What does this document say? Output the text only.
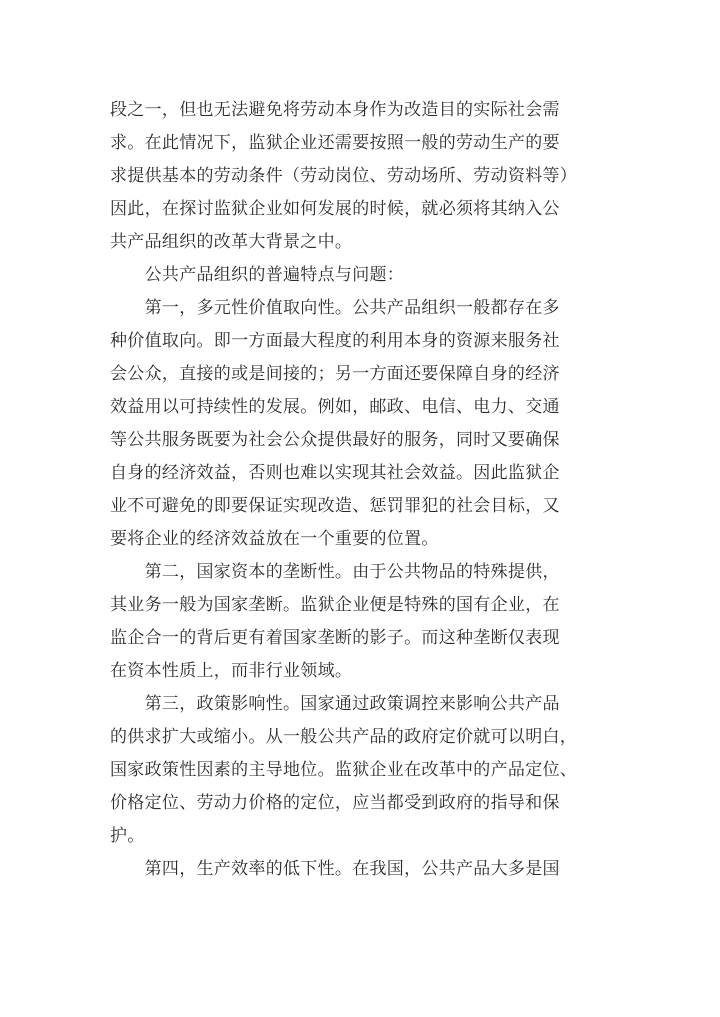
段之一，但也无法避免将劳动本身作为改造目的实际社会需
求。在此情况下，监狱企业还需要按照一般的劳动生产的要
求提供基本的劳动条件（劳动岗位、劳动场所、劳动资料等）
因此，在探讨监狱企业如何发展的时候，就必须将其纳入公
共产品组织的改革大背景之中。

　　公共产品组织的普遍特点与问题：

　　第一，多元性价值取向性。公共产品组织一般都存在多
种价值取向。即一方面最大程度的利用本身的资源来服务社
会公众，直接的或是间接的；另一方面还要保障自身的经济
效益用以可持续性的发展。例如，邮政、电信、电力、交通
等公共服务既要为社会公众提供最好的服务，同时又要确保
自身的经济效益，否则也难以实现其社会效益。因此监狱企
业不可避免的即要保证实现改造、惩罚罪犯的社会目标，又
要将企业的经济效益放在一个重要的位置。

　　第二，国家资本的垄断性。由于公共物品的特殊提供，
其业务一般为国家垄断。监狱企业便是特殊的国有企业，在
监企合一的背后更有着国家垄断的影子。而这种垄断仅表现
在资本性质上，而非行业领域。

　　第三，政策影响性。国家通过政策调控来影响公共产品
的供求扩大或缩小。从一般公共产品的政府定价就可以明白，
国家政策性因素的主导地位。监狱企业在改革中的产品定位、
价格定位、劳动力价格的定位，应当都受到政府的指导和保
护。

　　第四，生产效率的低下性。在我国，公共产品大多是国
